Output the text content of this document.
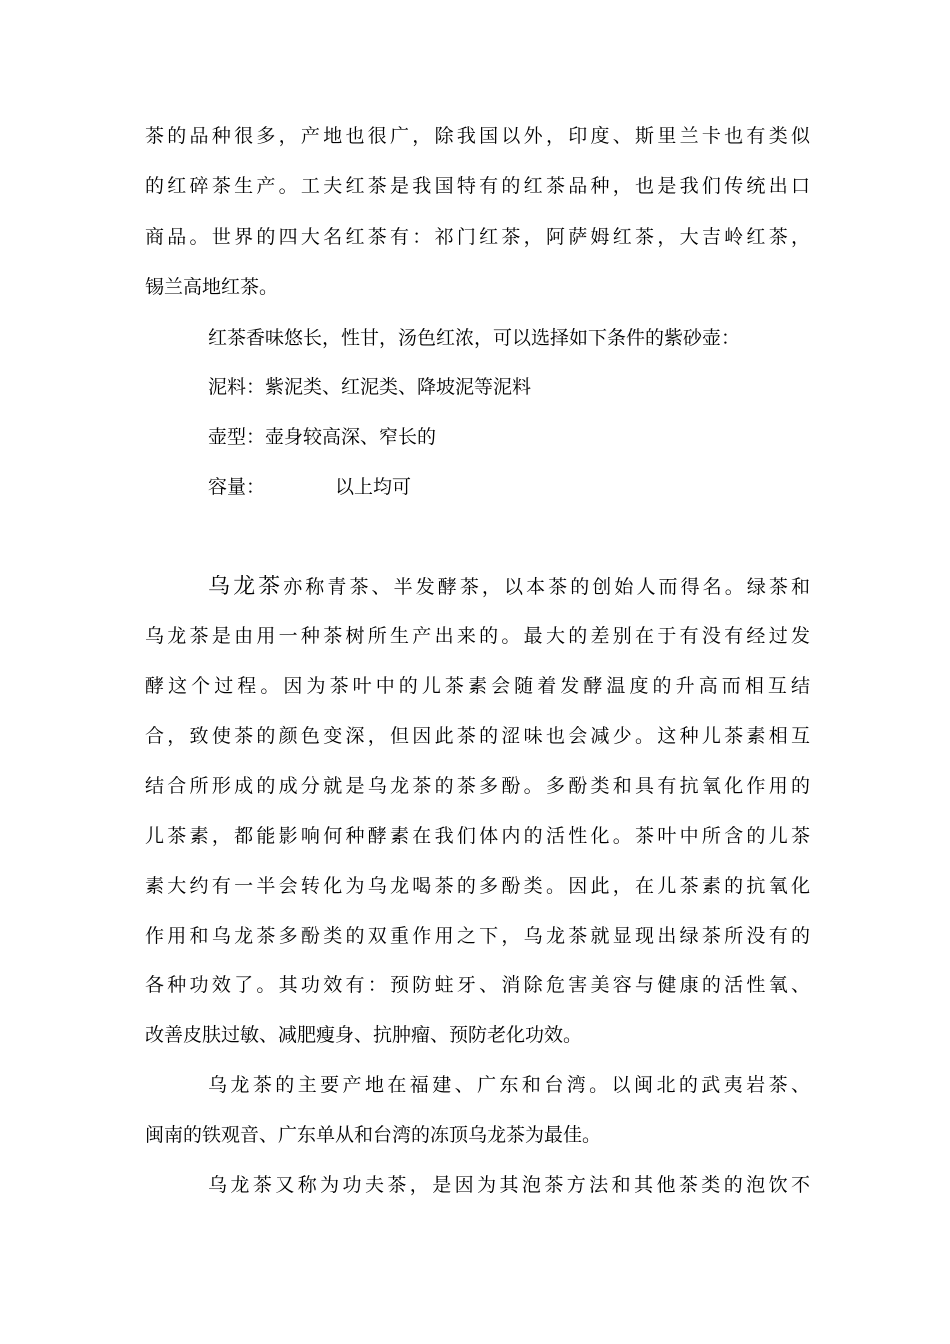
茶的品种很多，产地也很广，除我国以外，印度、斯里兰卡也有类似
的红碎茶生产。工夫红茶是我国特有的红茶品种，也是我们传统出口
商品。世界的四大名红茶有：祁门红茶，阿萨姆红茶，大吉岭红茶，
锡兰高地红茶。
红茶香味悠长，性甘，汤色红浓，可以选择如下条件的紫砂壶：
泥料：紫泥类、红泥类、降坡泥等泥料
壶型：壶身较高深、窄长的
容量：	以上均可
乌龙茶亦称青茶、半发酵茶，以本茶的创始人而得名。绿茶和
乌龙茶是由用一种茶树所生产出来的。最大的差别在于有没有经过发
酵这个过程。因为茶叶中的儿茶素会随着发酵温度的升高而相互结
合，致使茶的颜色变深，但因此茶的涩味也会减少。这种儿茶素相互
结合所形成的成分就是乌龙茶的茶多酚。多酚类和具有抗氧化作用的
儿茶素，都能影响何种酵素在我们体内的活性化。茶叶中所含的儿茶
素大约有一半会转化为乌龙喝茶的多酚类。因此，在儿茶素的抗氧化
作用和乌龙茶多酚类的双重作用之下，乌龙茶就显现出绿茶所没有的
各种功效了。其功效有：预防蛀牙、消除危害美容与健康的活性氧、
改善皮肤过敏、减肥瘦身、抗肿瘤、预防老化功效。
乌龙茶的主要产地在福建、广东和台湾。以闽北的武夷岩茶、
闽南的铁观音、广东单从和台湾的冻顶乌龙茶为最佳。
乌龙茶又称为功夫茶，是因为其泡茶方法和其他茶类的泡饮不
